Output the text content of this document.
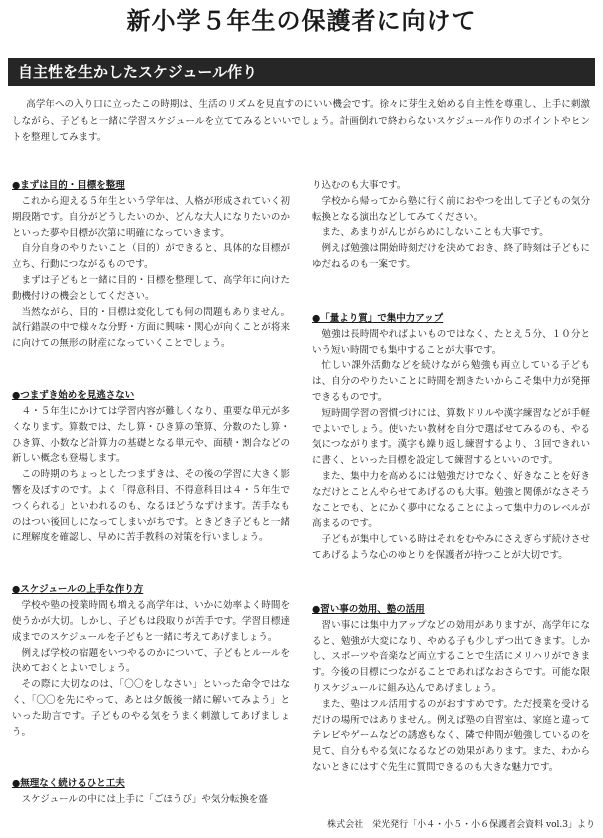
新小学５年生の保護者に向けて
自主性を生かしたスケジュール作り

高学年への入り口に立ったこの時期は、生活のリズムを見直すのにいい機会です。徐々に芽生え始める自主性を尊重し、上手に刺激しながら、子どもと一緒に学習スケジュールを立ててみるといいでしょう。計画倒れで終わらないスケジュール作りのポイントやヒントを整理してみます。

●まずは目的・目標を整理

これから迎える５年生という学年は、人格が形成されていく初期段階です。自分がどうしたいのか、どんな大人になりたいのかといった夢や目標が次第に明確になっていきます。

自分自身のやりたいこと（目的）ができると、具体的な目標が立ち、行動につながるものです。

まずは子どもと一緒に目的・目標を整理して、高学年に向けた動機付けの機会としてください。

当然ながら、目的・目標は変化しても何の問題もありません。試行錯誤の中で様々な分野・方面に興味・関心が向くことが将来に向けての無形の財産になっていくことでしょう。

●つまずき始めを見逃さない

４・５年生にかけては学習内容が難しくなり、重要な単元が多くなります。算数では、たし算・ひき算の筆算、分数のたし算・ひき算、小数など計算力の基礎となる単元や、面積・割合などの新しい概念も登場します。

この時期のちょっとしたつまずきは、その後の学習に大きく影響を及ぼすのです。よく「得意科目、不得意科目は４・５年生でつくられる」といわれるのも、なるほどうなずけます。苦手なものはつい後回しになってしまいがちです。ときどき子どもと一緒に理解度を確認し、早めに苦手教科の対策を行いましょう。

●スケジュールの上手な作り方

学校や塾の授業時間も増える高学年は、いかに効率よく時間を使うかが大切。しかし、子どもは段取りが苦手です。学習目標達成までのスケジュールを子どもと一緒に考えてあげましょう。

例えば学校の宿題をいつやるのかについて、子どもとルールを決めておくとよいでしょう。

その際に大切なのは、「〇〇をしなさい」といった命令ではなく、「〇〇を先にやって、あとは夕飯後一緒に解いてみよう」といった助言です。子どものやる気をうまく刺激してあげましょう。

●無理なく続けるひと工夫

スケジュールの中には上手に「ごほうび」や気分転換を盛

り込むのも大事です。

学校から帰ってから塾に行く前におやつを出して子どもの気分転換となる演出などしてみてください。

また、あまりがんじがらめにしないことも大事です。

例えば勉強は開始時刻だけを決めておき、終了時刻は子どもにゆだねるのも一案です。

●「量より質」で集中力アップ

勉強は長時間やればよいものではなく、たとえ５分、１０分という短い時間でも集中することが大事です。

忙しい課外活動などを続けながら勉強も両立している子どもは、自分のやりたいことに時間を割きたいからこそ集中力が発揮できるものです。

短時間学習の習慣づけには、算数ドリルや漢字練習などが手軽でよいでしょう。使いたい教材を自分で選ばせてみるのも、やる気につながります。漢字も繰り返し練習するより、３回できれいに書く、といった目標を設定して練習するといいのです。

また、集中力を高めるには勉強だけでなく、好きなことを好きなだけとことんやらせてあげるのも大事。勉強と関係がなさそうなことでも、とにかく夢中になることによって集中力のレベルが高まるのです。

子どもが集中している時はそれをむやみにさえぎらず続けさせてあげるような心のゆとりを保護者が持つことが大切です。

●習い事の効用、塾の活用

習い事には集中力アップなどの効用がありますが、高学年になると、勉強が大変になり、やめる子も少しずつ出てきます。しかし、スポーツや音楽など両立することで生活にメリハリができます。今後の目標につながることであればなおさらです。可能な限りスケジュールに組み込んであげましょう。

また、塾はフル活用するのがおすすめです。ただ授業を受けるだけの場所ではありません。例えば塾の自習室は、家庭と違ってテレビやゲームなどの誘惑もなく、隣で仲間が勉強しているのを見て、自分もやる気になるなどの効果があります。また、わからないときにはすぐ先生に質問できるのも大きな魅力です。

株式会社　栄光発行「小４・小５・小６保護者会資料 vol.3」より
